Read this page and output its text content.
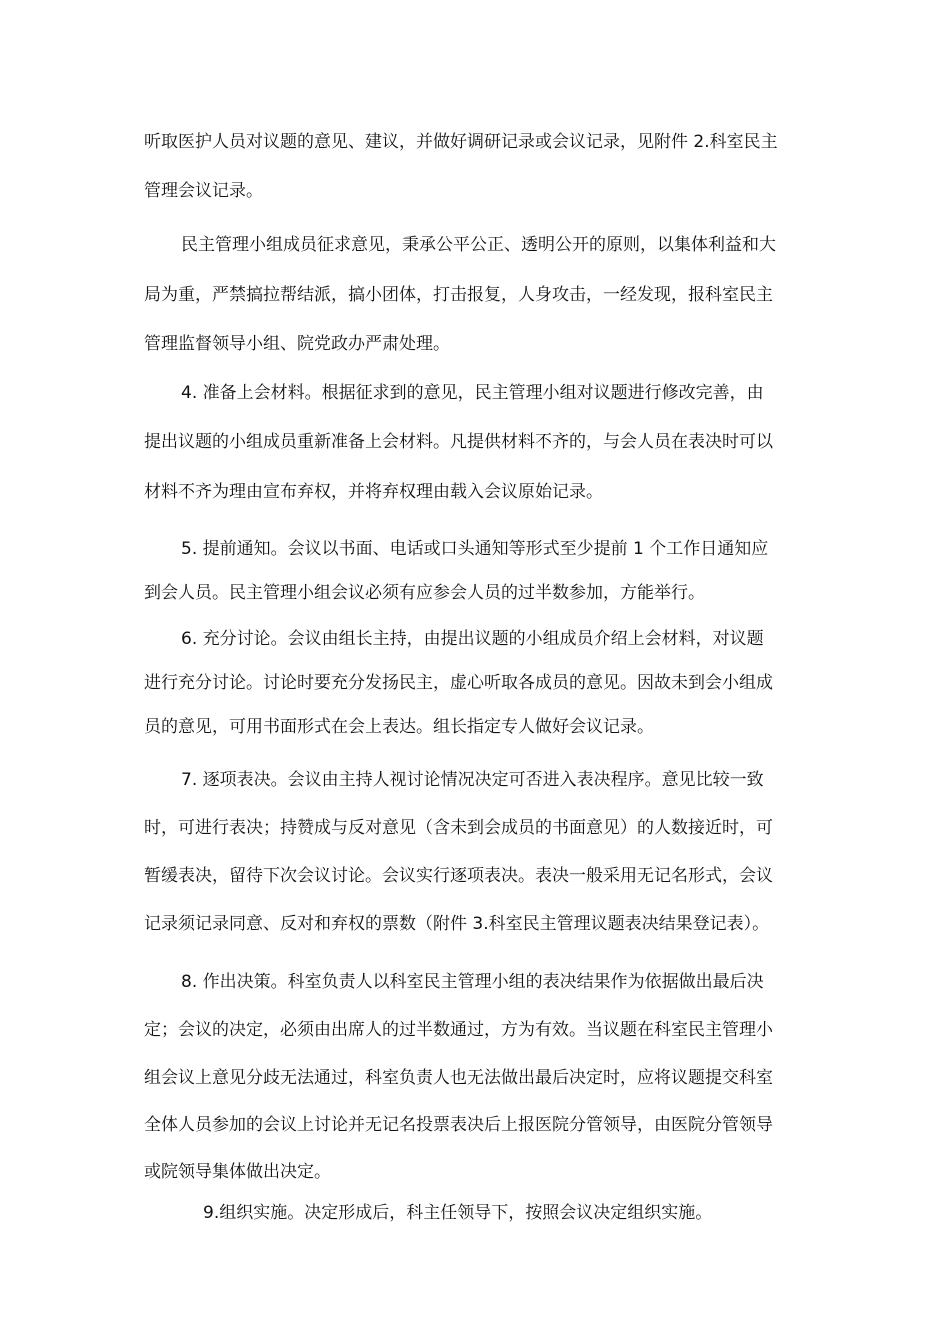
听取医护人员对议题的意见、建议，并做好调研记录或会议记录，见附件 2.科室民主
管理会议记录。
民主管理小组成员征求意见，秉承公平公正、透明公开的原则，以集体利益和大
局为重，严禁搞拉帮结派，搞小团体，打击报复，人身攻击，一经发现，报科室民主
管理监督领导小组、院党政办严肃处理。
4. 准备上会材料。根据征求到的意见，民主管理小组对议题进行修改完善，由
提出议题的小组成员重新准备上会材料。凡提供材料不齐的，与会人员在表决时可以
材料不齐为理由宣布弃权，并将弃权理由载入会议原始记录。
5. 提前通知。会议以书面、电话或口头通知等形式至少提前 1 个工作日通知应
到会人员。民主管理小组会议必须有应参会人员的过半数参加，方能举行。
6. 充分讨论。会议由组长主持，由提出议题的小组成员介绍上会材料，对议题
进行充分讨论。讨论时要充分发扬民主，虚心听取各成员的意见。因故未到会小组成
员的意见，可用书面形式在会上表达。组长指定专人做好会议记录。
7. 逐项表决。会议由主持人视讨论情况决定可否进入表决程序。意见比较一致
时，可进行表决；持赞成与反对意见（含未到会成员的书面意见）的人数接近时，可
暂缓表决，留待下次会议讨论。会议实行逐项表决。表决一般采用无记名形式，会议
记录须记录同意、反对和弃权的票数（附件 3.科室民主管理议题表决结果登记表）。
8. 作出决策。科室负责人以科室民主管理小组的表决结果作为依据做出最后决
定；会议的决定，必须由出席人的过半数通过，方为有效。当议题在科室民主管理小
组会议上意见分歧无法通过，科室负责人也无法做出最后决定时，应将议题提交科室
全体人员参加的会议上讨论并无记名投票表决后上报医院分管领导，由医院分管领导
或院领导集体做出决定。
9.组织实施。决定形成后，科主任领导下，按照会议决定组织实施。
